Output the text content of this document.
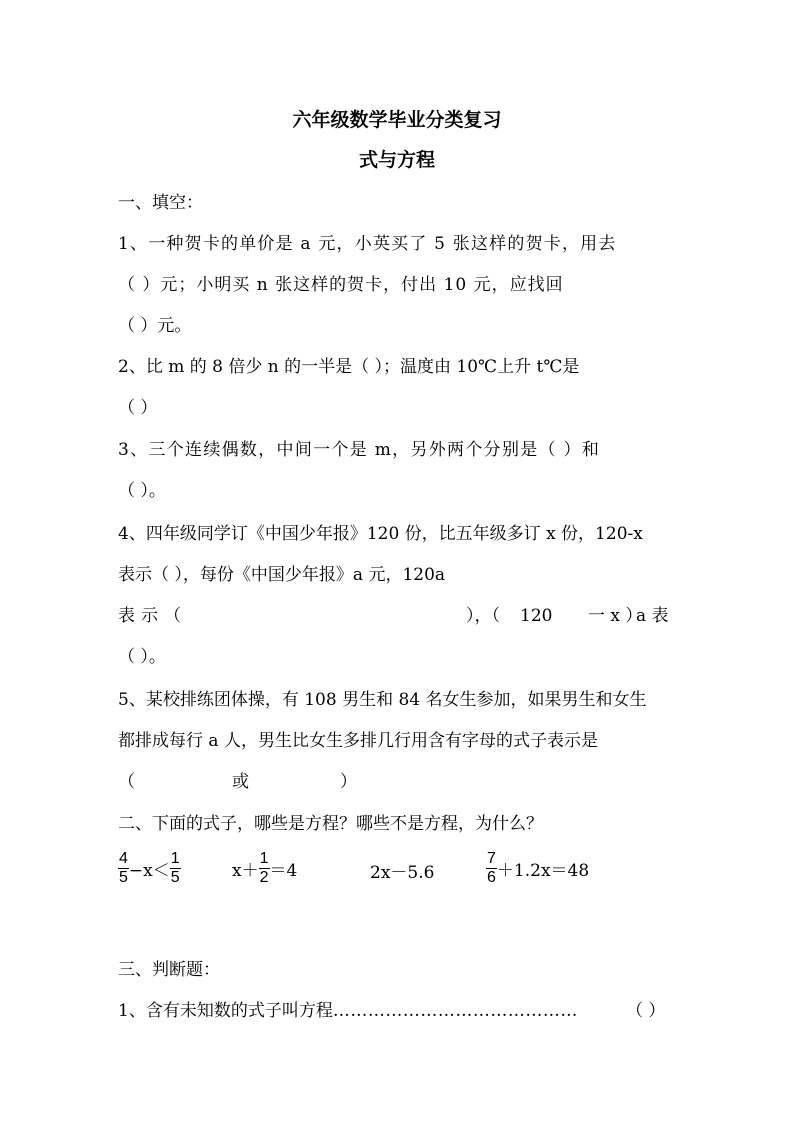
六年级数学毕业分类复习
式与方程
一、填空：
1、一种贺卡的单价是 a 元，小英买了 5 张这样的贺卡，用去
（ ）元；小明买 n 张这样的贺卡，付出 10 元，应找回
（ ）元。
2、比 m 的 8 倍少 n 的一半是（ ）；温度由 10℃上升 t℃是
（ ）
3、三个连续偶数，中间一个是 m，另外两个分别是（ ）和
（ ）。
4、四年级同学订《中国少年报》120 份，比五年级多订 x 份，120-x
表示（ ），每份《中国少年报》a 元，120a
表示（	），（ 120 一 x ）
a 表
（ ）。
5、某校排练团体操，有 108 男生和 84 名女生参加，如果男生和女生
都排成每行 a 人，男生比女生多排几行用含有字母的式子表示是
（	或	）
二、下面的式子，哪些是方程？哪些不是方程，为什么？
$\frac{4}{5} -x< \frac{1}{5}$	$x+ \frac{1}{2} =4$	2x－5.6	$\frac{7}{6} +1.2x=48$
三、判断题：
1、含有未知数的式子叫方程……………………………………	（ ）
